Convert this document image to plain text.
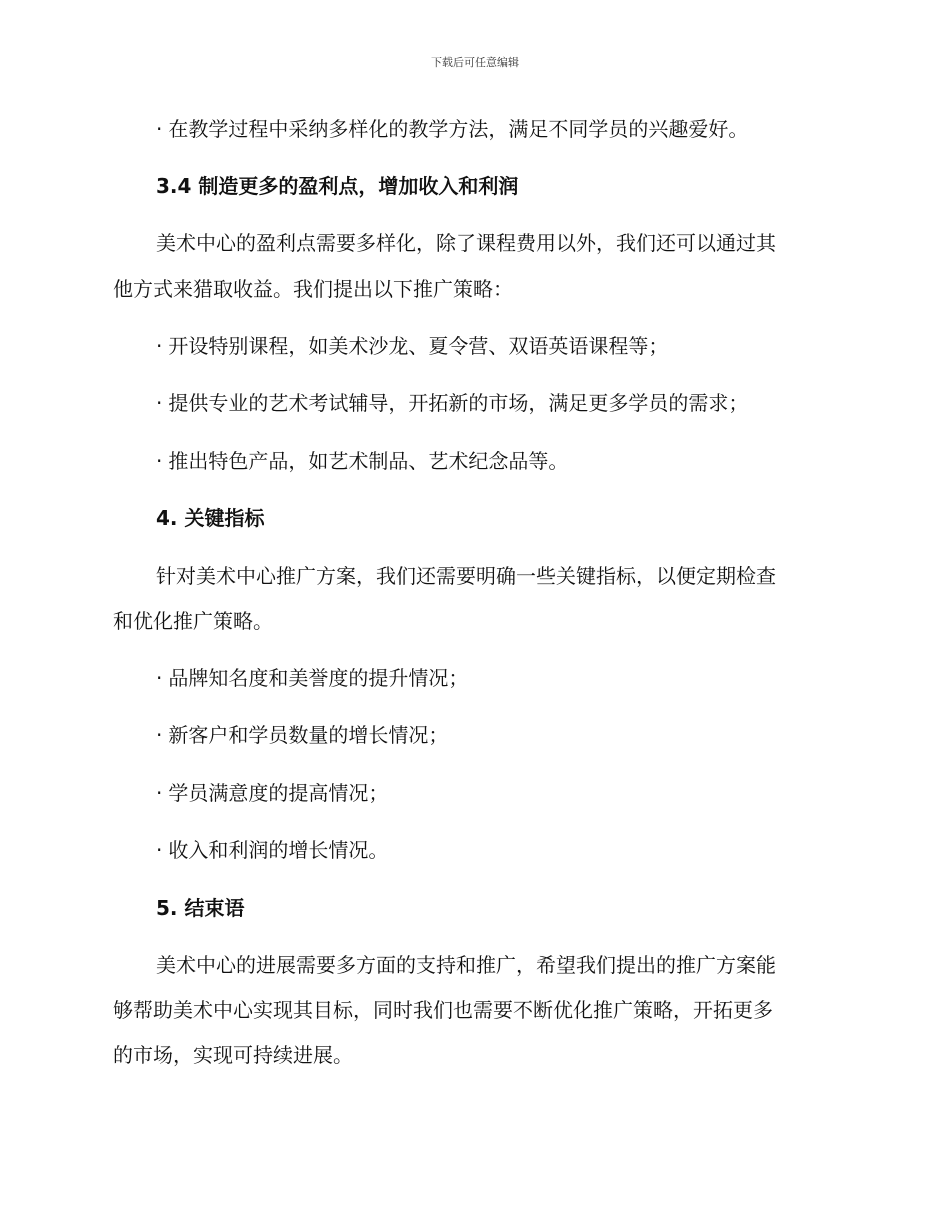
下载后可任意编辑
· 在教学过程中采纳多样化的教学方法，满足不同学员的兴趣爱好。
3.4 制造更多的盈利点，增加收入和利润
美术中心的盈利点需要多样化，除了课程费用以外，我们还可以通过其
他方式来猎取收益。我们提出以下推广策略：
· 开设特别课程，如美术沙龙、夏令营、双语英语课程等；
· 提供专业的艺术考试辅导，开拓新的市场，满足更多学员的需求；
· 推出特色产品，如艺术制品、艺术纪念品等。
4. 关键指标
针对美术中心推广方案，我们还需要明确一些关键指标，以便定期检查
和优化推广策略。
· 品牌知名度和美誉度的提升情况；
· 新客户和学员数量的增长情况；
· 学员满意度的提高情况；
· 收入和利润的增长情况。
5. 结束语
美术中心的进展需要多方面的支持和推广，希望我们提出的推广方案能
够帮助美术中心实现其目标，同时我们也需要不断优化推广策略，开拓更多
的市场，实现可持续进展。
